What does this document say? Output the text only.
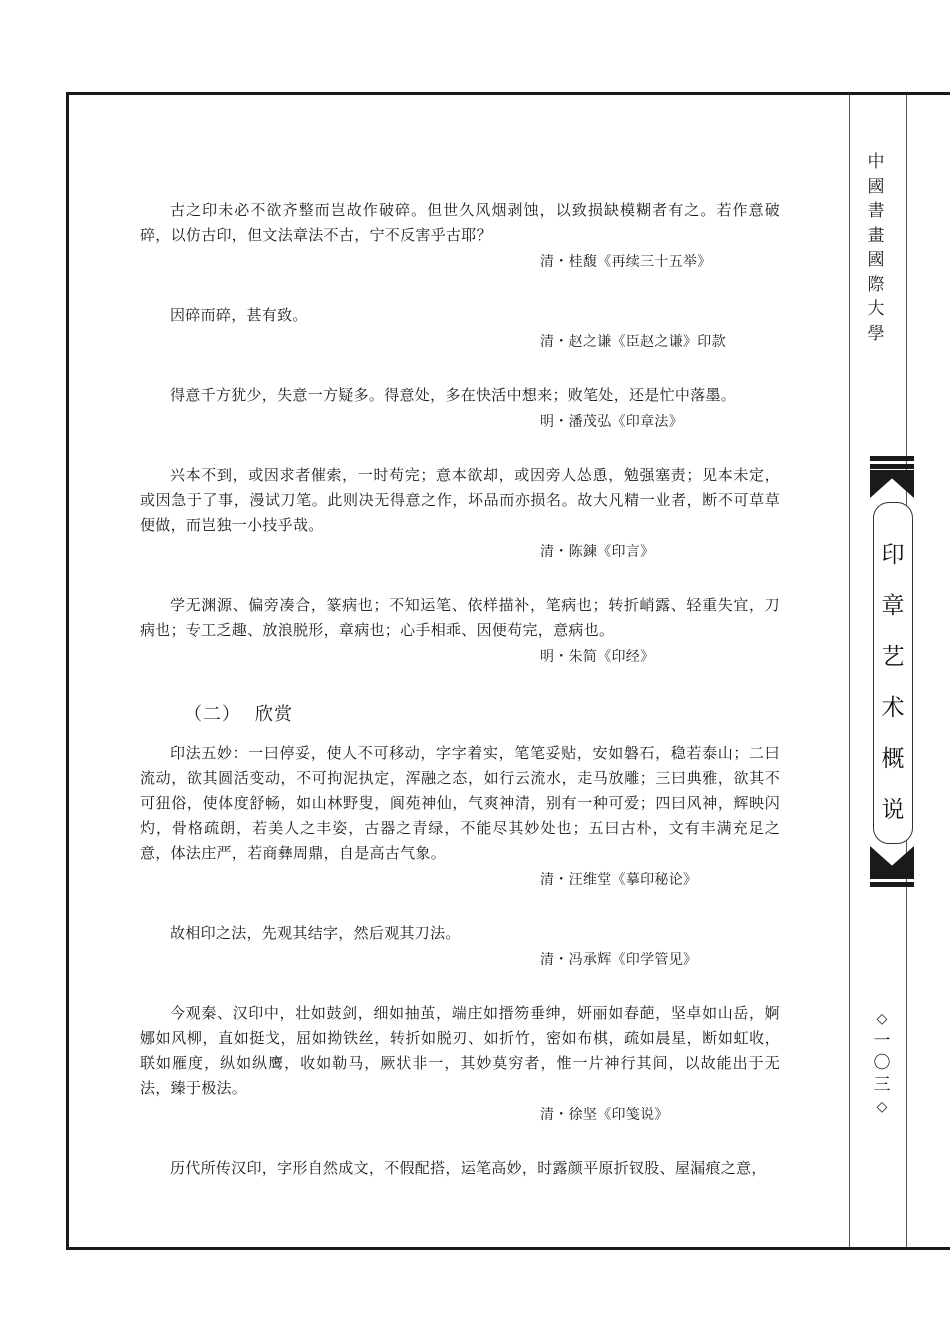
古之印未必不欲齐整而岂故作破碎。但世久风烟剥蚀，以致损缺模糊者有之。若作意破碎，以仿古印，但文法章法不古，宁不反害乎古耶？

清・桂馥《再续三十五举》

因碎而碎，甚有致。

清・赵之谦《臣赵之谦》印款

得意千方犹少，失意一方疑多。得意处，多在快活中想来；败笔处，还是忙中落墨。

明・潘茂弘《印章法》

兴本不到，或因求者催索，一时苟完；意本欲却，或因旁人怂恿，勉强塞责；见本未定，或因急于了事，漫试刀笔。此则决无得意之作，坏品而亦损名。故大凡精一业者，断不可草草便做，而岂独一小技乎哉。

清・陈鍊《印言》

学无渊源、偏旁凑合，篆病也；不知运笔、依样描补，笔病也；转折峭露、轻重失宜，刀病也；专工乏趣、放浪脱形，章病也；心手相乖、因便苟完，意病也。

明・朱简《印经》

（二） 欣赏

印法五妙：一曰停妥，使人不可移动，字字着实，笔笔妥贴，安如磐石，稳若泰山；二曰流动，欲其圆活变动，不可拘泥执定，浑融之态，如行云流水，走马放雕；三曰典雅，欲其不可狃俗，使体度舒畅，如山林野叟，阆苑神仙，气爽神清，别有一种可爱；四曰风神，辉映闪灼，骨格疏朗，若美人之丰姿，古器之青绿，不能尽其妙处也；五曰古朴，文有丰满充足之意，体法庄严，若商彝周鼎，自是高古气象。

清・汪维堂《摹印秘论》

故相印之法，先观其结字，然后观其刀法。

清・冯承辉《印学管见》

今观秦、汉印中，壮如鼓剑，细如抽茧，端庄如搢笏垂绅，妍丽如春葩，坚卓如山岳，婀娜如风柳，直如挺戈，屈如拗铁丝，转折如脱刃、如折竹，密如布棋，疏如晨星，断如虹收，联如雁度，纵如纵鹰，收如勒马，厥状非一，其妙莫穷者，惟一片神行其间，以故能出于无法，臻于极法。

清・徐坚《印笺说》

历代所传汉印，字形自然成文，不假配搭，运笔高妙，时露颜平原折钗股、屋漏痕之意，

中
國
書
畫
國
際
大
學
印
章
艺
术
概
说
◇
一
〇
三
◇
